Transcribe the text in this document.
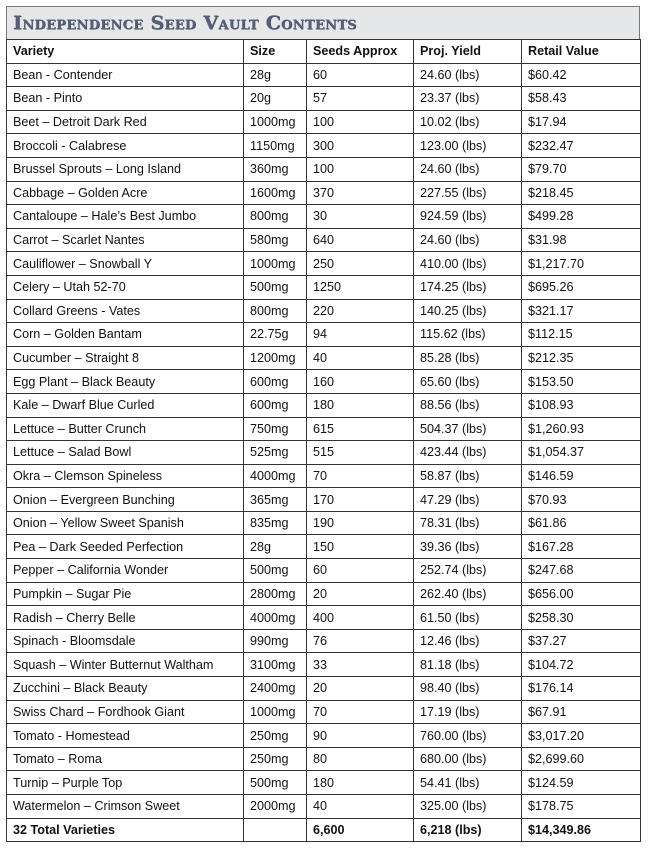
Independence Seed Vault Contents
Variety	Size	Seeds Approx	Proj. Yield	Retail Value
Bean - Contender	28g	60	24.60 (lbs)	$60.42
Bean - Pinto	20g	57	23.37 (lbs)	$58.43
Beet – Detroit Dark Red	1000mg	100	10.02 (lbs)	$17.94
Broccoli - Calabrese	1150mg	300	123.00 (lbs)	$232.47
Brussel Sprouts – Long Island	360mg	100	24.60 (lbs)	$79.70
Cabbage – Golden Acre	1600mg	370	227.55 (lbs)	$218.45
Cantaloupe – Hale’s Best Jumbo	800mg	30	924.59 (lbs)	$499.28
Carrot – Scarlet Nantes	580mg	640	24.60 (lbs)	$31.98
Cauliflower – Snowball Y	1000mg	250	410.00 (lbs)	$1,217.70
Celery – Utah 52-70	500mg	1250	174.25 (lbs)	$695.26
Collard Greens - Vates	800mg	220	140.25 (lbs)	$321.17
Corn – Golden Bantam	22.75g	94	115.62 (lbs)	$112.15
Cucumber – Straight 8	1200mg	40	85.28 (lbs)	$212.35
Egg Plant – Black Beauty	600mg	160	65.60 (lbs)	$153.50
Kale – Dwarf Blue Curled	600mg	180	88.56 (lbs)	$108.93
Lettuce – Butter Crunch	750mg	615	504.37 (lbs)	$1,260.93
Lettuce – Salad Bowl	525mg	515	423.44 (lbs)	$1,054.37
Okra – Clemson Spineless	4000mg	70	58.87 (lbs)	$146.59
Onion – Evergreen Bunching	365mg	170	47.29 (lbs)	$70.93
Onion – Yellow Sweet Spanish	835mg	190	78.31 (lbs)	$61.86
Pea – Dark Seeded Perfection	28g	150	39.36 (lbs)	$167.28
Pepper – California Wonder	500mg	60	252.74 (lbs)	$247.68
Pumpkin – Sugar Pie	2800mg	20	262.40 (lbs)	$656.00
Radish – Cherry Belle	4000mg	400	61.50 (lbs)	$258.30
Spinach - Bloomsdale	990mg	76	12.46 (lbs)	$37.27
Squash – Winter Butternut Waltham	3100mg	33	81.18 (lbs)	$104.72
Zucchini – Black Beauty	2400mg	20	98.40 (lbs)	$176.14
Swiss Chard – Fordhook Giant	1000mg	70	17.19 (lbs)	$67.91
Tomato - Homestead	250mg	90	760.00 (lbs)	$3,017.20
Tomato – Roma	250mg	80	680.00 (lbs)	$2,699.60
Turnip – Purple Top	500mg	180	54.41 (lbs)	$124.59
Watermelon – Crimson Sweet	2000mg	40	325.00 (lbs)	$178.75
32 Total Varieties		6,600	6,218 (lbs)	$14,349.86
